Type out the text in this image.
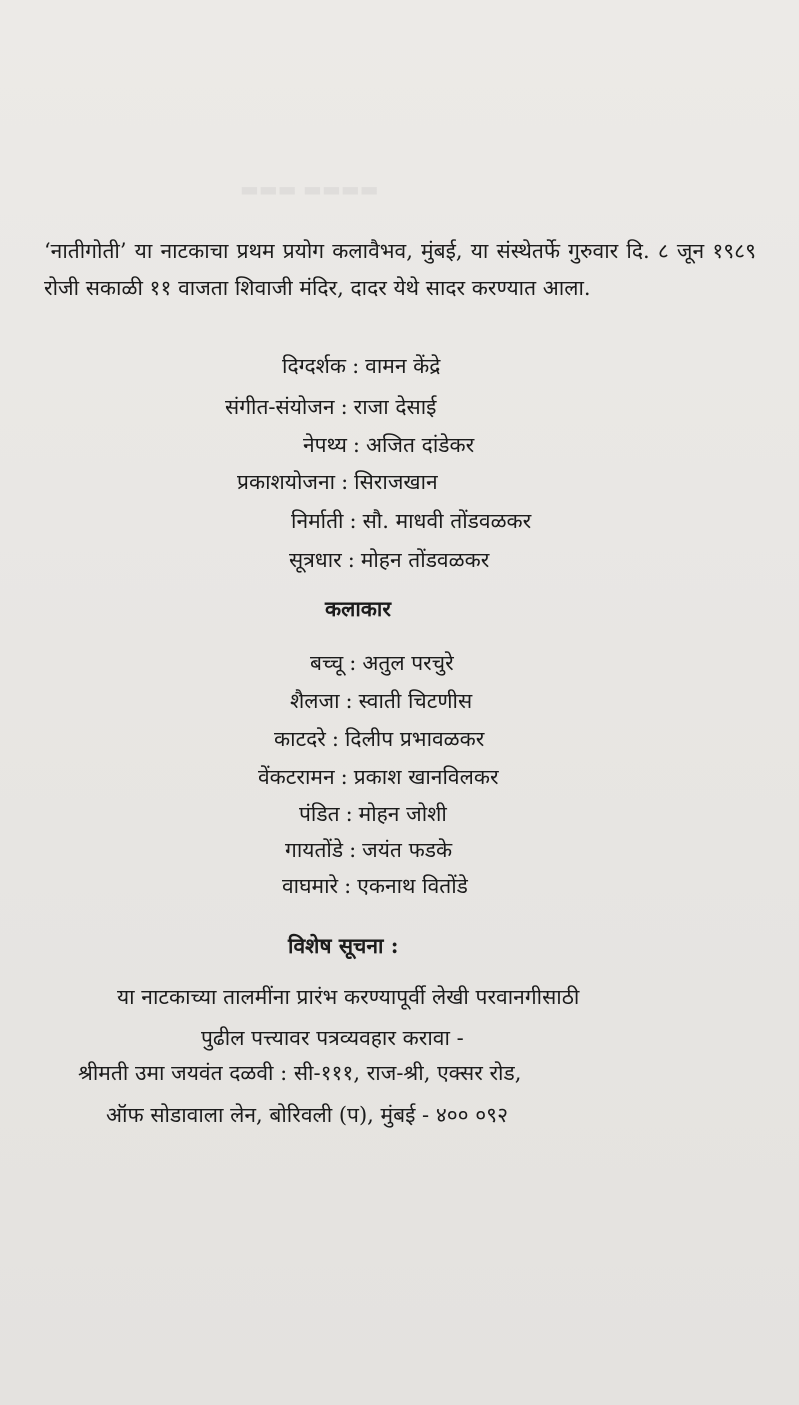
▬▬▬ ▬▬▬▬

‘नातीगोती’ या नाटकाचा प्रथम प्रयोग कलावैभव, मुंबई, या संस्थेतर्फे गुरुवार दि. ८ जून १९८९ रोजी सकाळी ११ वाजता शिवाजी मंदिर, दादर येथे सादर करण्यात आला.

दिग्दर्शक : वामन केंद्रे
संगीत-संयोजन : राजा देसाई
नेपथ्य : अजित दांडेकर
प्रकाशयोजना : सिराजखान
निर्माती : सौ. माधवी तोंडवळकर
सूत्रधार : मोहन तोंडवळकर
कलाकार
बच्चू : अतुल परचुरे
शैलजा : स्वाती चिटणीस
काटदरे : दिलीप प्रभावळकर
वेंकटरामन : प्रकाश खानविलकर
पंडित : मोहन जोशी
गायतोंडे : जयंत फडके
वाघमारे : एकनाथ वितोंडे
विशेष सूचना :
या नाटकाच्या तालमींना प्रारंभ करण्यापूर्वी लेखी परवानगीसाठी
पुढील पत्त्यावर पत्रव्यवहार करावा -
श्रीमती उमा जयवंत दळवी : सी-१११, राज-श्री, एक्सर रोड,
ऑफ सोडावाला लेन, बोरिवली (प), मुंबई - ४०० ०९२
